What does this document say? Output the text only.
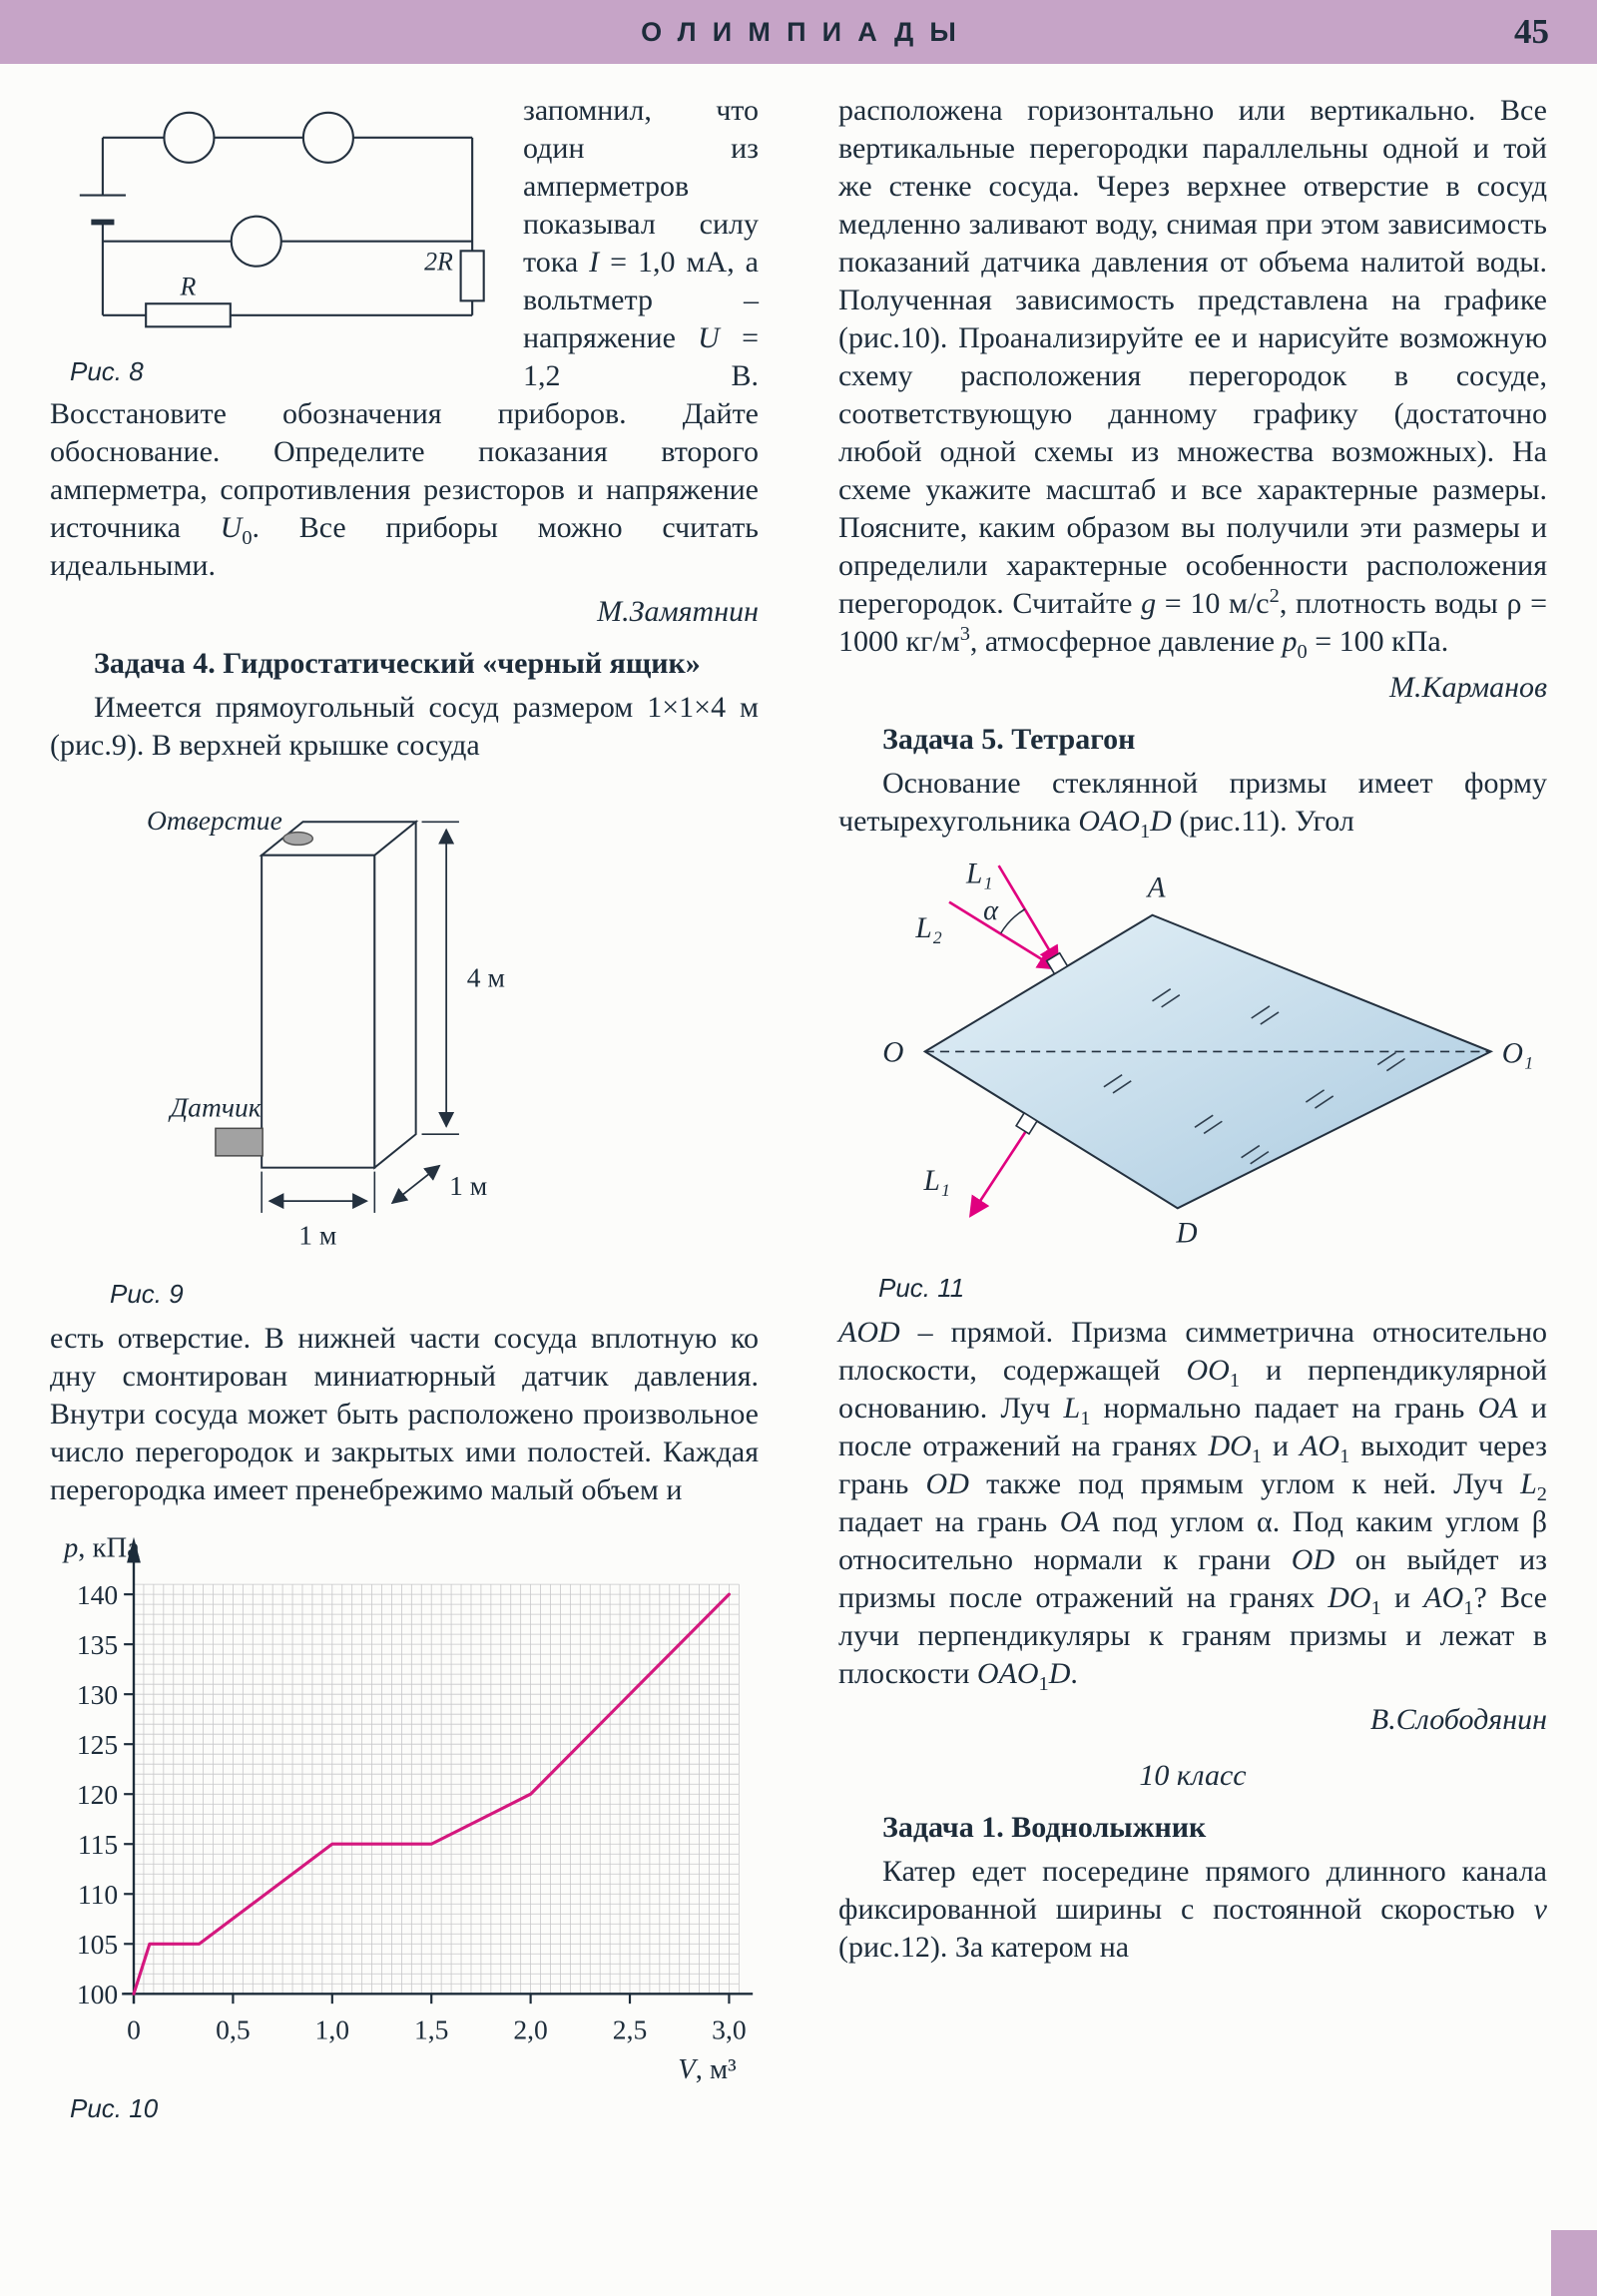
ОЛИМПИАДЫ	45
2R
R
Рис. 8

запомнил, что один из амперметров показывал силу тока I = 1,0 мА, а вольтметр – напряжение U = 1,2 В. Восстановите обозначения приборов. Дайте обоснование. Определите показания второго амперметра, сопротивления резисторов и напряжение источника $U_0$. Все приборы можно считать идеальными.

М.Замятнин

Задача 4. Гидростатический «черный ящик»

Имеется прямоугольный сосуд размером 1×1×4 м (рис.9). В верхней крышке сосуда

Отверстие
Датчик
4 м
1 м
1 м
Рис. 9

есть отверстие. В нижней части сосуда вплотную ко дну смонтирован миниатюрный датчик давления. Внутри сосуда может быть расположено произвольное число перегородок и закрытых ими полостей. Каждая перегородка имеет пренебрежимо малый объем и

100
105
110
115
120
125
130
135
140
0	0,5 1,0 1,5 2,0 2,5 3,0
p, кПа
V, м³
Рис. 10

расположена горизонтально или вертикально. Все вертикальные перегородки параллельны одной и той же стенке сосуда. Через верхнее отверстие в сосуд медленно заливают воду, снимая при этом зависимость показаний датчика давления от объема налитой воды. Полученная зависимость представлена на графике (рис.10). Проанализируйте ее и нарисуйте возможную схему расположения перегородок в сосуде, соответствующую данному графику (достаточно любой одной схемы из множества возможных). На схеме укажите масштаб и все характерные размеры. Поясните, каким образом вы получили эти размеры и определили характерные особенности расположения перегородок. Считайте g = 10 $м/с^2$, плотность воды ρ = 1000 $кг/м^3$, атмосферное давление $p_0 = 100$ кПа.

М.Карманов

Задача 5. Тетрагон

Основание стеклянной призмы имеет форму четырехугольника $OAO_1D$ (рис.11). Угол

L₁
α
L₂
L₁
A
O	O₁
D
Рис. 11

AOD – прямой. Призма симметрична относительно плоскости, содержащей $OO_1$ и перпендикулярной основанию. Луч $L_1$ нормально падает на грань OA и после отражений на гранях $DO_1$ и $AO_1$ выходит через грань OD также под прямым углом к ней. Луч $L_2$ падает на грань OA под углом α. Под каким углом β относительно нормали к грани OD он выйдет из призмы после отражений на гранях $DO_1$ и $AO_1$? Все лучи перпендикуляры к граням призмы и лежат в плоскости $OAO_1D$.

В.Слободянин

10 класс

Задача 1. Воднолыжник

Катер едет посередине прямого длинного канала фиксированной ширины с постоянной скоростью v (рис.12). За катером на
